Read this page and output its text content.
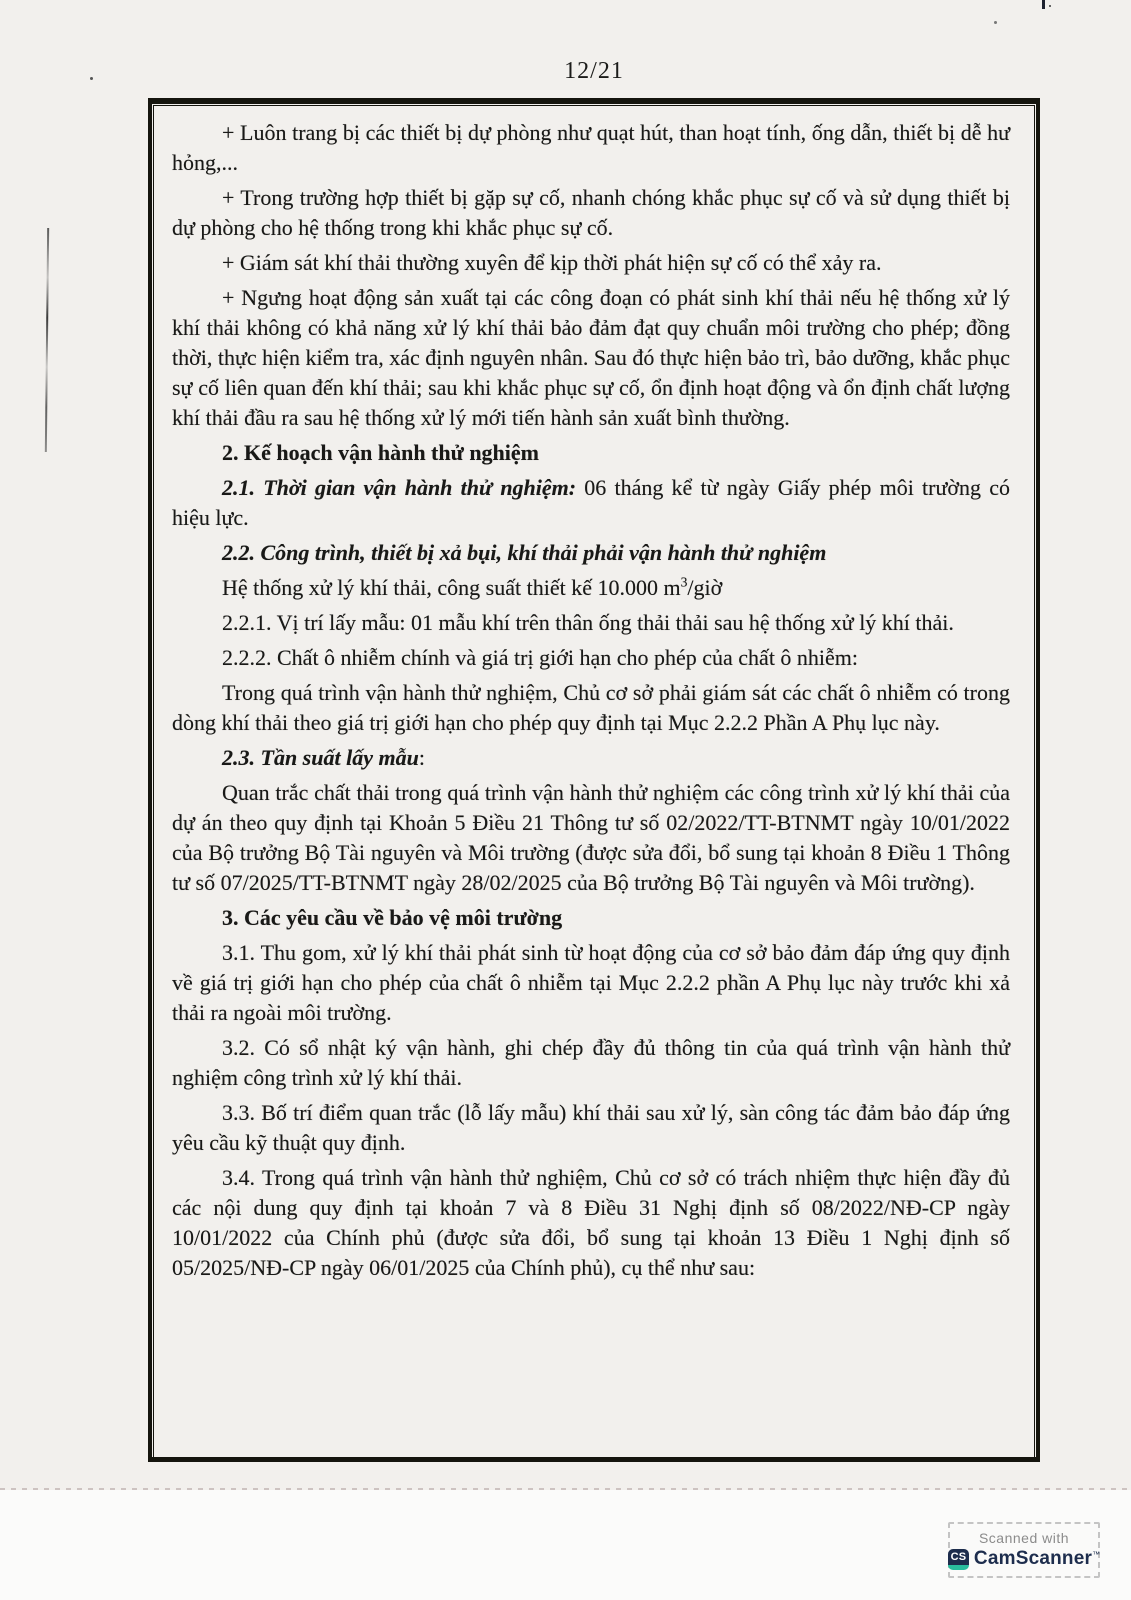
12/21

+ Luôn trang bị các thiết bị dự phòng như quạt hút, than hoạt tính, ống dẫn, thiết bị dễ hư hỏng,...

+ Trong trường hợp thiết bị gặp sự cố, nhanh chóng khắc phục sự cố và sử dụng thiết bị dự phòng cho hệ thống trong khi khắc phục sự cố.

+ Giám sát khí thải thường xuyên để kịp thời phát hiện sự cố có thể xảy ra.

+ Ngưng hoạt động sản xuất tại các công đoạn có phát sinh khí thải nếu hệ thống xử lý khí thải không có khả năng xử lý khí thải bảo đảm đạt quy chuẩn môi trường cho phép; đồng thời, thực hiện kiểm tra, xác định nguyên nhân. Sau đó thực hiện bảo trì, bảo dưỡng, khắc phục sự cố liên quan đến khí thải; sau khi khắc phục sự cố, ổn định hoạt động và ổn định chất lượng khí thải đầu ra sau hệ thống xử lý mới tiến hành sản xuất bình thường.

2. Kế hoạch vận hành thử nghiệm

2.1. Thời gian vận hành thử nghiệm: 06 tháng kể từ ngày Giấy phép môi trường có hiệu lực.

2.2. Công trình, thiết bị xả bụi, khí thải phải vận hành thử nghiệm

Hệ thống xử lý khí thải, công suất thiết kế 10.000 $m^3$/giờ

2.2.1. Vị trí lấy mẫu: 01 mẫu khí trên thân ống thải thải sau hệ thống xử lý khí thải.

2.2.2. Chất ô nhiễm chính và giá trị giới hạn cho phép của chất ô nhiễm:

Trong quá trình vận hành thử nghiệm, Chủ cơ sở phải giám sát các chất ô nhiễm có trong dòng khí thải theo giá trị giới hạn cho phép quy định tại Mục 2.2.2 Phần A Phụ lục này.

2.3. Tần suất lấy mẫu:

Quan trắc chất thải trong quá trình vận hành thử nghiệm các công trình xử lý khí thải của dự án theo quy định tại Khoản 5 Điều 21 Thông tư số 02/2022/TT-BTNMT ngày 10/01/2022 của Bộ trưởng Bộ Tài nguyên và Môi trường (được sửa đổi, bổ sung tại khoản 8 Điều 1 Thông tư số 07/2025/TT-BTNMT ngày 28/02/2025 của Bộ trưởng Bộ Tài nguyên và Môi trường).

3. Các yêu cầu về bảo vệ môi trường

3.1. Thu gom, xử lý khí thải phát sinh từ hoạt động của cơ sở bảo đảm đáp ứng quy định về giá trị giới hạn cho phép của chất ô nhiễm tại Mục 2.2.2 phần A Phụ lục này trước khi xả thải ra ngoài môi trường.

3.2. Có sổ nhật ký vận hành, ghi chép đầy đủ thông tin của quá trình vận hành thử nghiệm công trình xử lý khí thải.

3.3. Bố trí điểm quan trắc (lỗ lấy mẫu) khí thải sau xử lý, sàn công tác đảm bảo đáp ứng yêu cầu kỹ thuật quy định.

3.4. Trong quá trình vận hành thử nghiệm, Chủ cơ sở có trách nhiệm thực hiện đầy đủ các nội dung quy định tại khoản 7 và 8 Điều 31 Nghị định số 08/2022/NĐ-CP ngày 10/01/2022 của Chính phủ (được sửa đổi, bổ sung tại khoản 13 Điều 1 Nghị định số 05/2025/NĐ-CP ngày 06/01/2025 của Chính phủ), cụ thể như sau:

Scanned with
CS CamScanner ™
